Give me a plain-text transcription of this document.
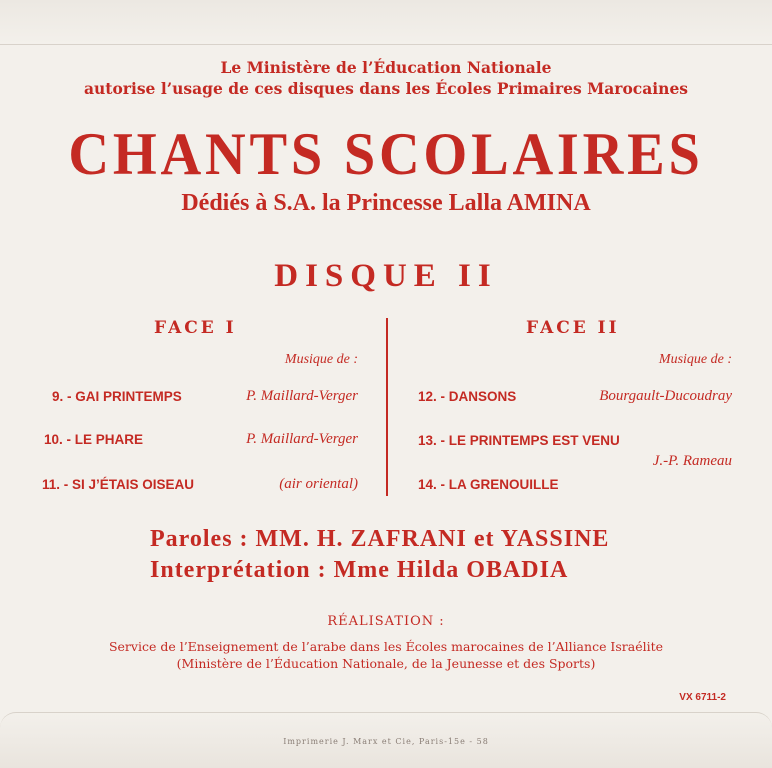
Le Ministère de l’Éducation Nationale
autorise l’usage de ces disques dans les Écoles Primaires Marocaines
CHANTS SCOLAIRES
Dédiés à S.A. la Princesse Lalla AMINA
DISQUE II
FACE I
Musique de :
9. - GAI PRINTEMPS	P. Maillard-Verger
10. - LE PHARE	P. Maillard-Verger
11. - SI J’ÉTAIS OISEAU	(air oriental)
FACE II
Musique de :
12. - DANSONS	Bourgault-Ducoudray
13. - LE PRINTEMPS EST VENU
J.-P. Rameau
14. - LA GRENOUILLE
Paroles : MM. H. ZAFRANI et YASSINE
Interprétation : Mme Hilda OBADIA
RÉALISATION :
Service de l’Enseignement de l’arabe dans les Écoles marocaines de l’Alliance Israélite
(Ministère de l’Éducation Nationale, de la Jeunesse et des Sports)
VX 6711-2
Imprimerie J. Marx et Cie, Paris-15e - 58
